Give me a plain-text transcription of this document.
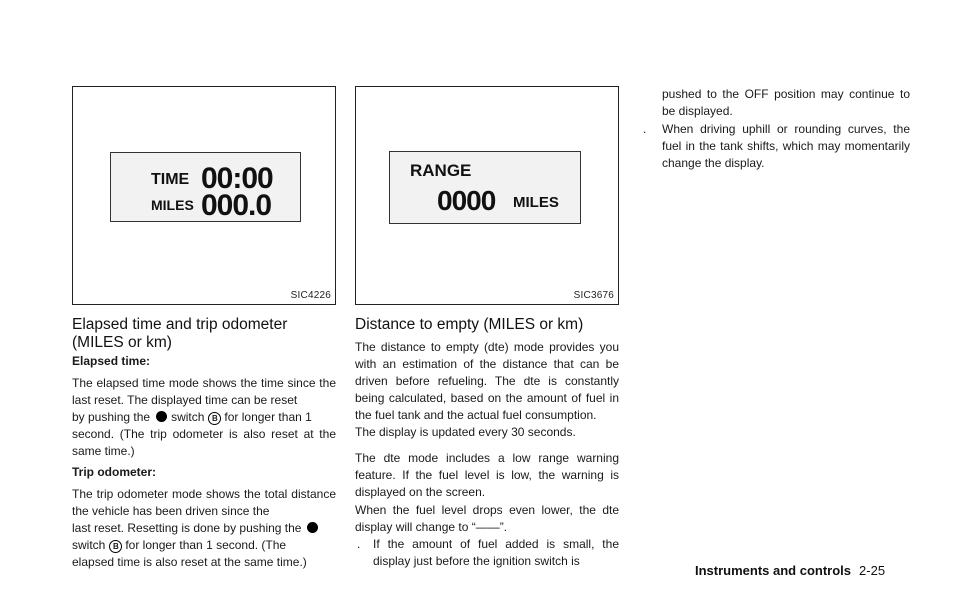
TIME 00:00
MILES 000.0
SIC4226
RANGE
0000 MILES
SIC3676
Elapsed time and trip odometer (MILES or km)

Elapsed time:

The elapsed time mode shows the time since the last reset. The displayed time can be reset

by pushing the switch B for longer than 1

second. (The trip odometer is also reset at the same time.)

Trip odometer:

The trip odometer mode shows the total distance the vehicle has been driven since the

last reset. Resetting is done by pushing the

switch B for longer than 1 second. (The

elapsed time is also reset at the same time.)

Distance to empty (MILES or km)

The distance to empty (dte) mode provides you with an estimation of the distance that can be driven before refueling. The dte is constantly being calculated, based on the amount of fuel in the fuel tank and the actual fuel consumption.

The display is updated every 30 seconds.

The dte mode includes a low range warning feature. If the fuel level is low, the warning is displayed on the screen.

When the fuel level drops even lower, the dte display will change to “——”.

. If the amount of fuel added is small, the display just before the ignition switch is

pushed to the OFF position may continue to be displayed.

. When driving uphill or rounding curves, the fuel in the tank shifts, which may momentarily change the display.
Instruments and controls 2-25
